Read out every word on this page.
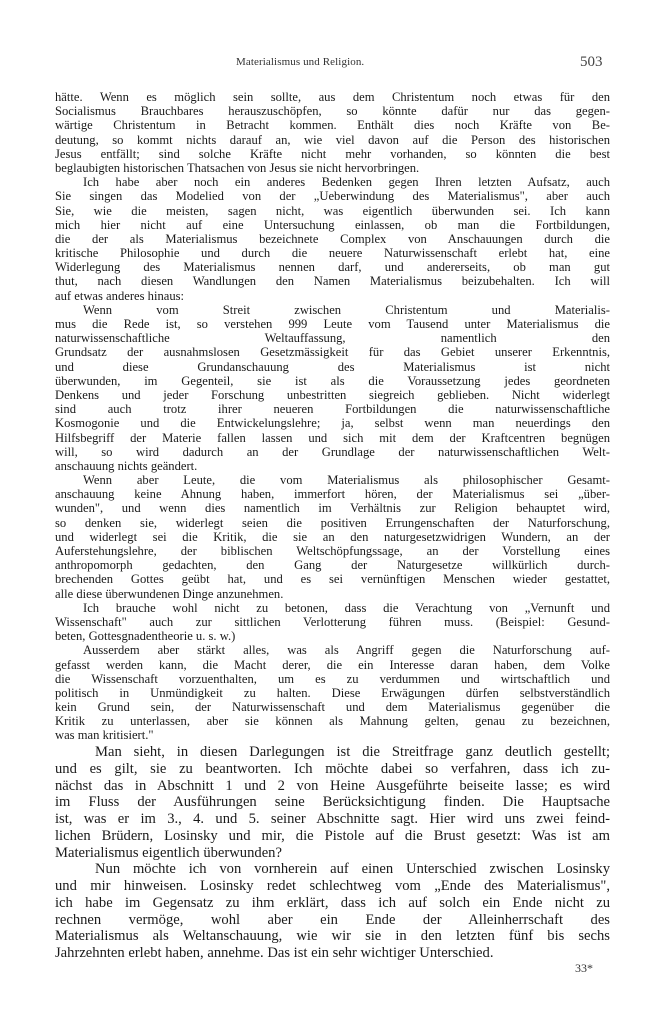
Materialismus und Religion.	503
hätte. Wenn es möglich sein sollte, aus dem Christentum noch etwas für den
Socialismus Brauchbares herauszuschöpfen, so könnte dafür nur das gegen-
wärtige Christentum in Betracht kommen. Enthält dies noch Kräfte von Be-
deutung, so kommt nichts darauf an, wie viel davon auf die Person des historischen
Jesus entfällt; sind solche Kräfte nicht mehr vorhanden, so könnten die best
beglaubigten historischen Thatsachen von Jesus sie nicht hervorbringen.
Ich habe aber noch ein anderes Bedenken gegen Ihren letzten Aufsatz, auch
Sie singen das Modelied von der „Ueberwindung des Materialismus", aber auch
Sie, wie die meisten, sagen nicht, was eigentlich überwunden sei. Ich kann
mich hier nicht auf eine Untersuchung einlassen, ob man die Fortbildungen,
die der als Materialismus bezeichnete Complex von Anschauungen durch die
kritische Philosophie und durch die neuere Naturwissenschaft erlebt hat, eine
Widerlegung des Materialismus nennen darf, und andererseits, ob man gut
thut, nach diesen Wandlungen den Namen Materialismus beizubehalten. Ich will
auf etwas anderes hinaus:
Wenn vom Streit zwischen Christentum und Materialis-
mus die Rede ist, so verstehen 999 Leute vom Tausend unter Materialismus die
naturwissenschaftliche Weltauffassung, namentlich den
Grundsatz der ausnahmslosen Gesetzmässigkeit für das Gebiet unserer Erkenntnis,
und diese Grundanschauung des Materialismus ist nicht
überwunden, im Gegenteil, sie ist als die Voraussetzung jedes geordneten
Denkens und jeder Forschung unbestritten siegreich geblieben. Nicht widerlegt
sind auch trotz ihrer neueren Fortbildungen die naturwissenschaftliche
Kosmogonie und die Entwickelungslehre; ja, selbst wenn man neuerdings den
Hilfsbegriff der Materie fallen lassen und sich mit dem der Kraftcentren begnügen
will, so wird dadurch an der Grundlage der naturwissenschaftlichen Welt-
anschauung nichts geändert.
Wenn aber Leute, die vom Materialismus als philosophischer Gesamt-
anschauung keine Ahnung haben, immerfort hören, der Materialismus sei „über-
wunden", und wenn dies namentlich im Verhältnis zur Religion behauptet wird,
so denken sie, widerlegt seien die positiven Errungenschaften der Naturforschung,
und widerlegt sei die Kritik, die sie an den naturgesetzwidrigen Wundern, an der
Auferstehungslehre, der biblischen Weltschöpfungssage, an der Vorstellung eines
anthropomorph gedachten, den Gang der Naturgesetze willkürlich durch-
brechenden Gottes geübt hat, und es sei vernünftigen Menschen wieder gestattet,
alle diese überwundenen Dinge anzunehmen.
Ich brauche wohl nicht zu betonen, dass die Verachtung von „Vernunft und
Wissenschaft" auch zur sittlichen Verlotterung führen muss. (Beispiel: Gesund-
beten, Gottesgnadentheorie u. s. w.)
Ausserdem aber stärkt alles, was als Angriff gegen die Naturforschung auf-
gefasst werden kann, die Macht derer, die ein Interesse daran haben, dem Volke
die Wissenschaft vorzuenthalten, um es zu verdummen und wirtschaftlich und
politisch in Unmündigkeit zu halten. Diese Erwägungen dürfen selbstverständlich
kein Grund sein, der Naturwissenschaft und dem Materialismus gegenüber die
Kritik zu unterlassen, aber sie können als Mahnung gelten, genau zu bezeichnen,
was man kritisiert."
Man sieht, in diesen Darlegungen ist die Streitfrage ganz deutlich gestellt;
und es gilt, sie zu beantworten. Ich möchte dabei so verfahren, dass ich zu-
nächst das in Abschnitt 1 und 2 von Heine Ausgeführte beiseite lasse; es wird
im Fluss der Ausführungen seine Berücksichtigung finden. Die Hauptsache
ist, was er im 3., 4. und 5. seiner Abschnitte sagt. Hier wird uns zwei feind-
lichen Brüdern, Losinsky und mir, die Pistole auf die Brust gesetzt: Was ist am
Materialismus eigentlich überwunden?
Nun möchte ich von vornherein auf einen Unterschied zwischen Losinsky
und mir hinweisen. Losinsky redet schlechtweg vom „Ende des Materialismus",
ich habe im Gegensatz zu ihm erklärt, dass ich auf solch ein Ende nicht zu
rechnen vermöge, wohl aber ein Ende der Alleinherrschaft des
Materialismus als Weltanschauung, wie wir sie in den letzten fünf bis sechs
Jahrzehnten erlebt haben, annehme. Das ist ein sehr wichtiger Unterschied.
33*
